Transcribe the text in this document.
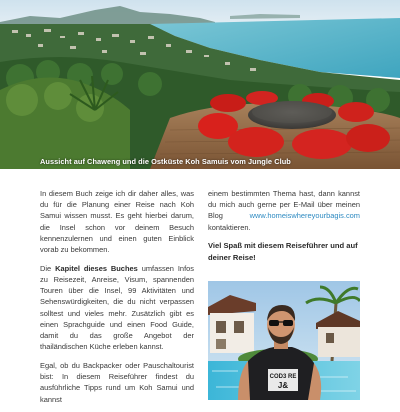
Aussicht auf Chaweng und die Ostküste Koh Samuis vom Jungle Club

In diesem Buch zeige ich dir daher alles, was du für die Planung einer Reise nach Koh Samui wissen musst. Es geht hierbei darum, die Insel schon vor deinem Besuch kennenzulernen und einen guten Einblick vorab zu bekommen.

Die Kapitel dieses Buches umfassen Infos zu Reisezeit, Anreise, Visum, spannenden Touren über die Insel, 99 Aktivitäten und Sehenswürdigkeiten, die du nicht verpassen solltest und vieles mehr. Zusätzlich gibt es einen Sprachguide und einen Food Guide, damit du das große Angebot der thailändischen Küche erleben kannst.

Egal, ob du Backpacker oder Pauschaltourist bist: In diesem Reiseführer findest du ausführliche Tipps rund um Koh Samui und kannst

einem bestimmten Thema hast, dann kannst du mich auch gerne per E-Mail über meinen Blog www.homeiswhereyourbagis.com kontaktieren.

Viel Spaß mit diesem Reiseführer und auf deiner Reise!

COD3 RE
J&
